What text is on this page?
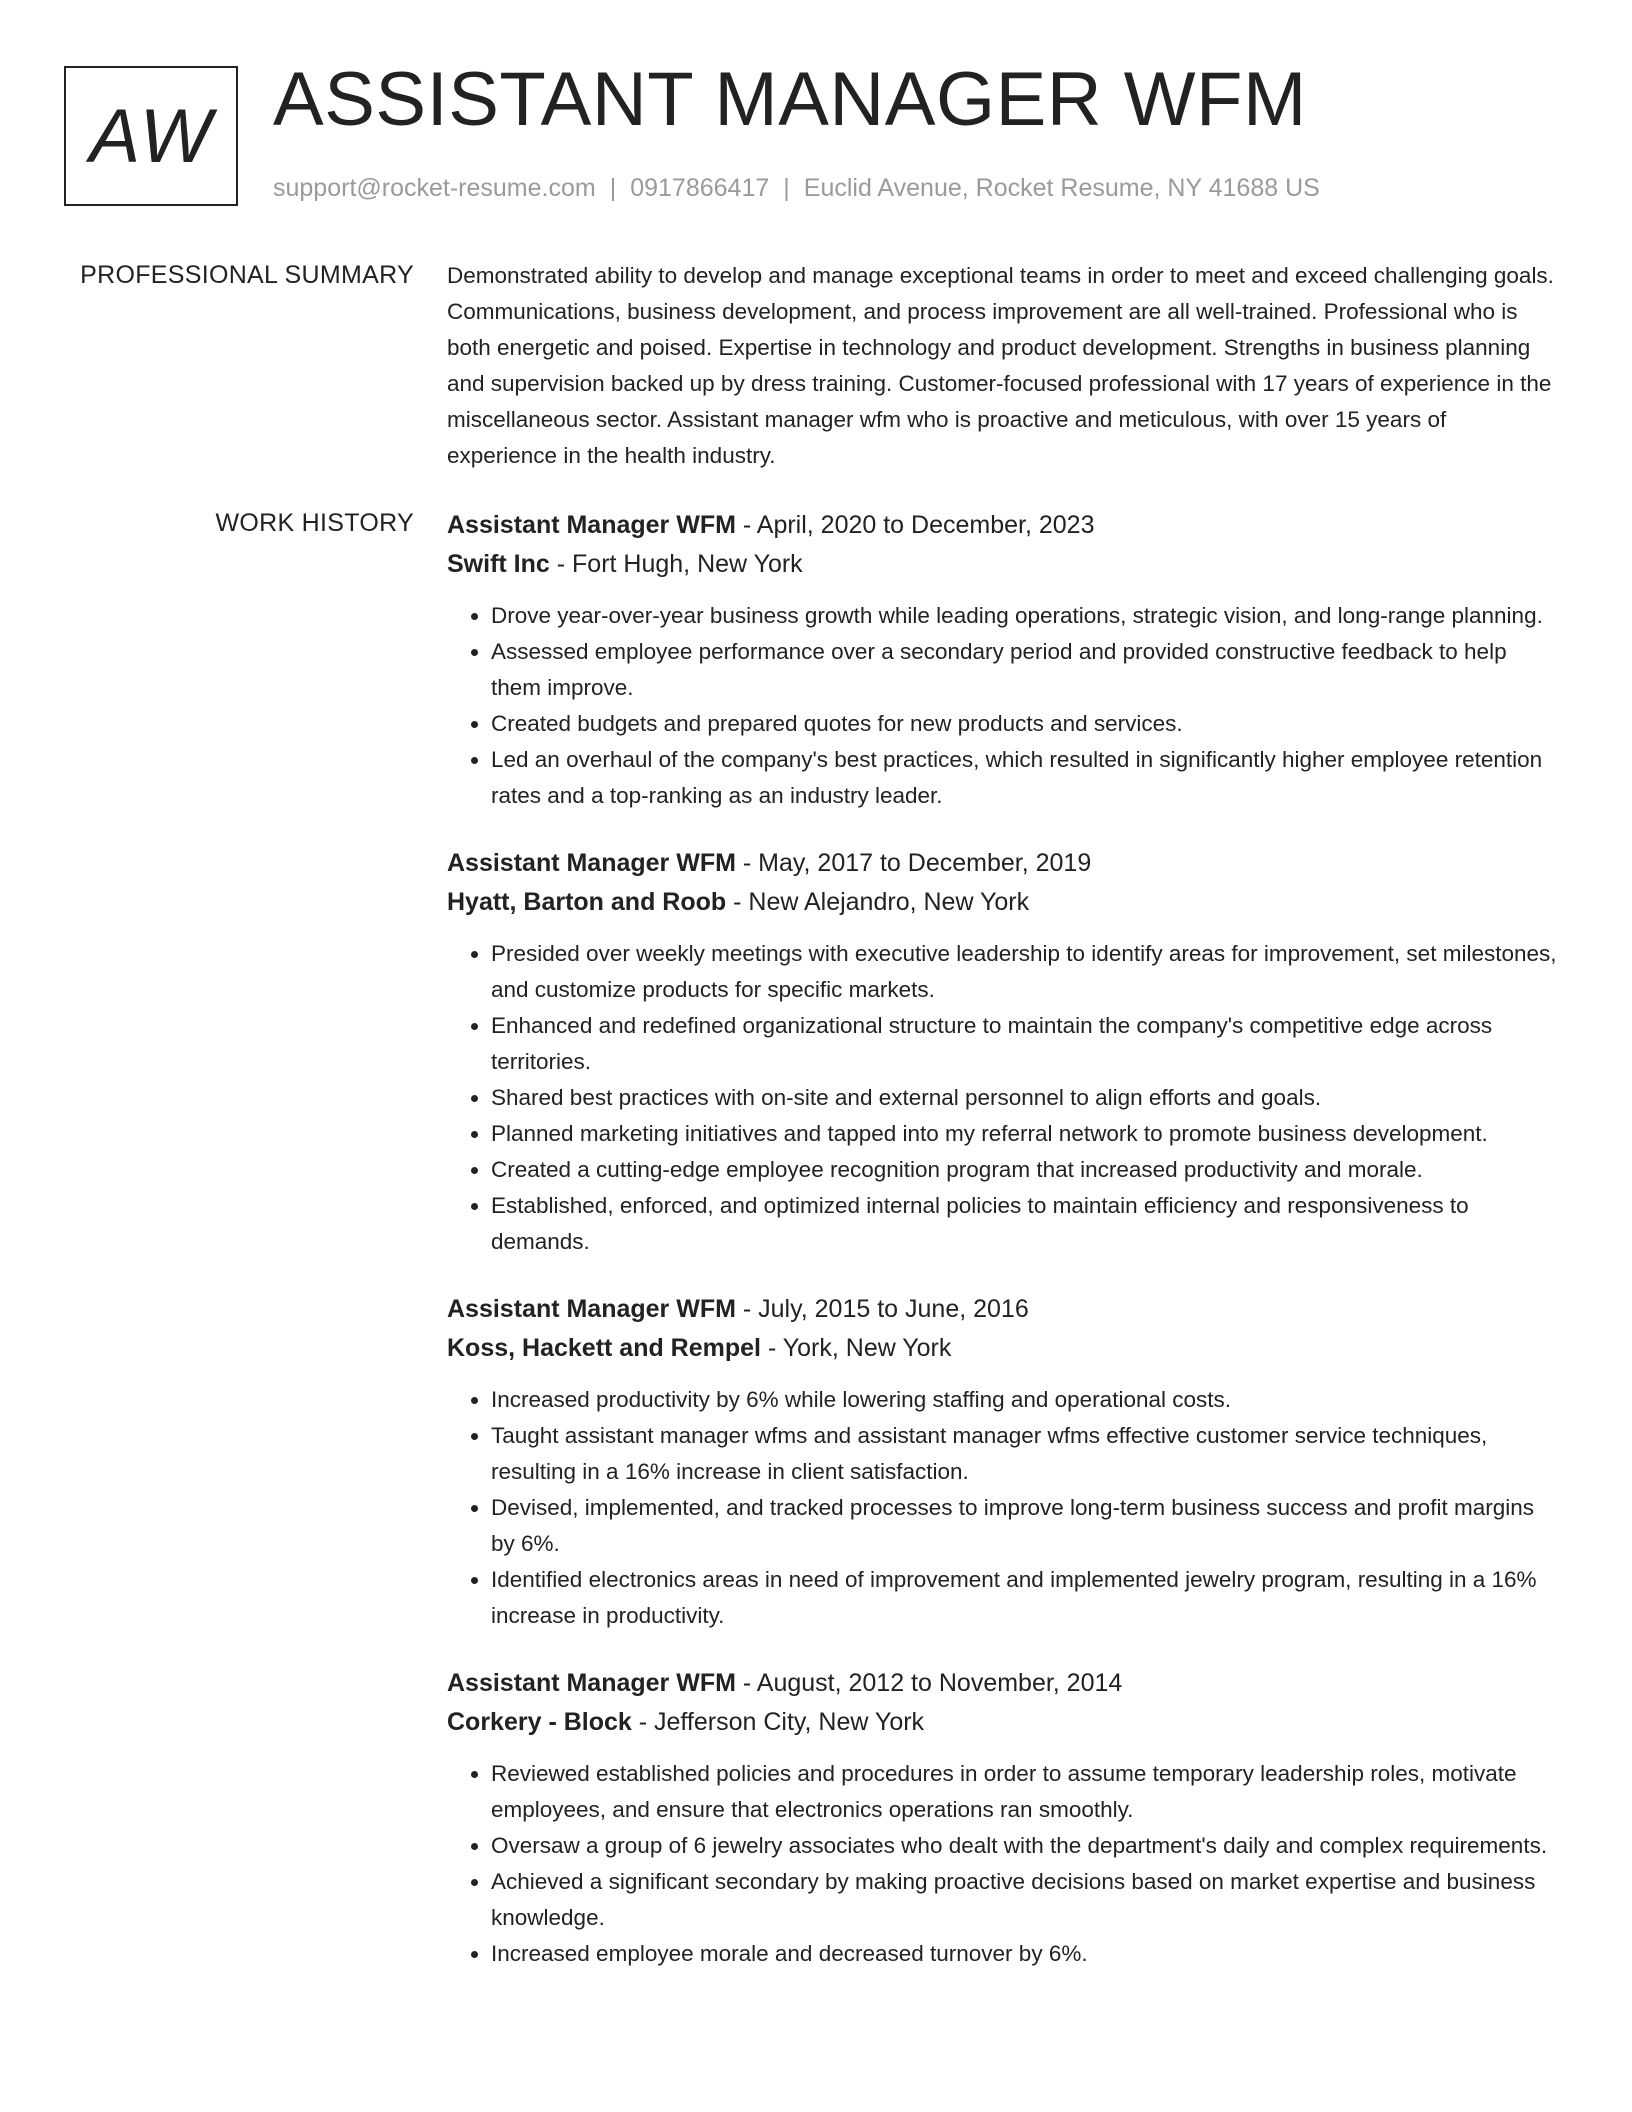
AW ASSISTANT MANAGER WFM
support@rocket-resume.com | 0917866417 | Euclid Avenue, Rocket Resume, NY 41688 US
PROFESSIONAL SUMMARY Demonstrated ability to develop and manage exceptional teams in order to meet and exceed challenging goals. Communications, business development, and process improvement are all well-trained. Professional who is both energetic and poised. Expertise in technology and product development. Strengths in business planning and supervision backed up by dress training. Customer-focused professional with 17 years of experience in the miscellaneous sector. Assistant manager wfm who is proactive and meticulous, with over 15 years of experience in the health industry.

WORK HISTORY Assistant Manager WFM - April, 2020 to December, 2023
Swift Inc - Fort Hugh, New York
• Drove year-over-year business growth while leading operations, strategic vision, and long-range planning.
• Assessed employee performance over a secondary period and provided constructive feedback to help them improve.
• Created budgets and prepared quotes for new products and services.
• Led an overhaul of the company's best practices, which resulted in significantly higher employee retention rates and a top-ranking as an industry leader.
Assistant Manager WFM - May, 2017 to December, 2019
Hyatt, Barton and Roob - New Alejandro, New York
• Presided over weekly meetings with executive leadership to identify areas for improvement, set milestones, and customize products for specific markets.
• Enhanced and redefined organizational structure to maintain the company's competitive edge across territories.
• Shared best practices with on-site and external personnel to align efforts and goals.
• Planned marketing initiatives and tapped into my referral network to promote business development.
• Created a cutting-edge employee recognition program that increased productivity and morale.
• Established, enforced, and optimized internal policies to maintain efficiency and responsiveness to demands.
Assistant Manager WFM - July, 2015 to June, 2016
Koss, Hackett and Rempel - York, New York
• Increased productivity by 6% while lowering staffing and operational costs.
• Taught assistant manager wfms and assistant manager wfms effective customer service techniques, resulting in a 16% increase in client satisfaction.
• Devised, implemented, and tracked processes to improve long-term business success and profit margins by 6%.
• Identified electronics areas in need of improvement and implemented jewelry program, resulting in a 16% increase in productivity.
Assistant Manager WFM - August, 2012 to November, 2014
Corkery - Block - Jefferson City, New York
• Reviewed established policies and procedures in order to assume temporary leadership roles, motivate employees, and ensure that electronics operations ran smoothly.
• Oversaw a group of 6 jewelry associates who dealt with the department's daily and complex requirements.
• Achieved a significant secondary by making proactive decisions based on market expertise and business knowledge.
• Increased employee morale and decreased turnover by 6%.
